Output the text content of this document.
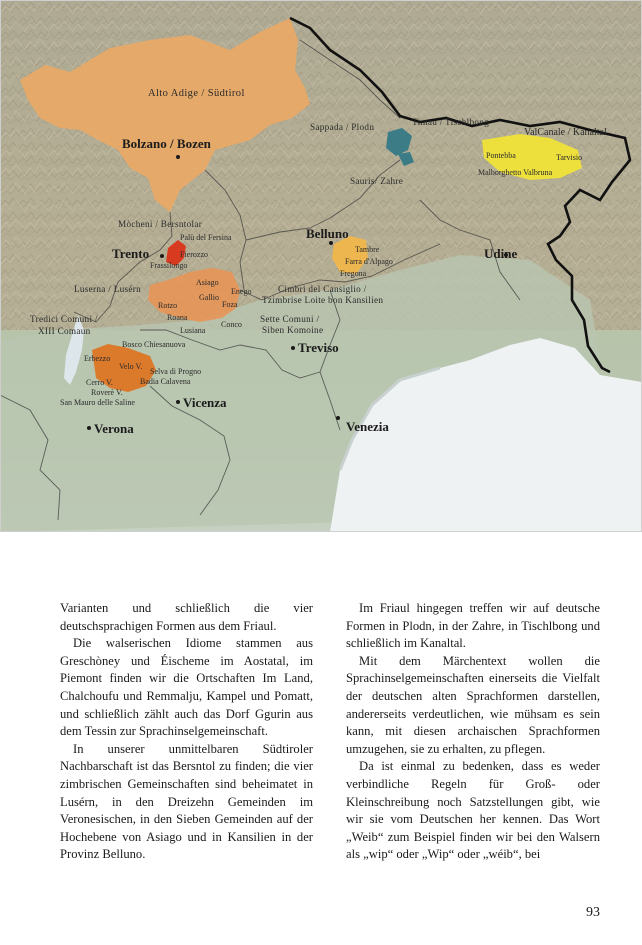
Alto Adige / Südtirol
Bolzano / Bozen
Sappada / Plodn	Timau / Tischlbong
ValCanale / Kanaltal
Pontebba	Tarvisio
Malborghetto Valbruna
Sauris/ Zahre
Mòcheni / Bersntolar
Palù del Fersina
Fierozzo
Frassilongo
Trento
Belluno
Tambre
Farra d'Alpago
Fregona
Udine
Luserna / Lusérn
Asiago
Enego
Rotzo
Gallio
Foza
Roana
Lusiana
Conco
Cimbri del Cansiglio /
Tzimbrise Loite bon Kansilien
Sette Comuni /
Siben Komoine
Tredici Comuni /
XIII Comaun
Bosco Chiesanuova
Erbezzo
Velo V.
Selva di Progno
Cerro V.	Badia Calavena
Roverè V.
San Mauro delle Saline
Treviso
Vicenza
Verona	Venezia

Varianten und schließlich die vier deutschsprachigen Formen aus dem Friaul.

Die walserischen Idiome stammen aus Greschòney und Éischeme im Aostatal, im Piemont finden wir die Ortschaften Im Land, Chalchoufu und Remmalju, Kampel und Pomatt, und schließlich zählt auch das Dorf Ggurin aus dem Tessin zur Sprachinselgemeinschaft.

In unserer unmittelbaren Südtiroler Nachbarschaft ist das Bersntol zu finden; die vier zimbrischen Gemeinschaften sind beheimatet in Lusérn, in den Dreizehn Gemeinden im Veronesischen, in den Sieben Gemeinden auf der Hochebene von Asiago und in Kansilien in der Provinz Belluno.

Im Friaul hingegen treffen wir auf deutsche Formen in Plodn, in der Zahre, in Tischlbong und schließlich im Kanaltal.

Mit dem Märchentext wollen die Sprachinselgemeinschaften einerseits die Vielfalt der deutschen alten Sprachformen darstellen, andererseits verdeutlichen, wie mühsam es sein kann, mit diesen archaischen Sprachformen umzugehen, sie zu erhalten, zu pflegen.

Da ist einmal zu bedenken, dass es weder verbindliche Regeln für Groß- oder Kleinschreibung noch Satzstellungen gibt, wie wir sie vom Deutschen her kennen. Das Wort „Weib“ zum Beispiel finden wir bei den Walsern als „wip“ oder „Wip“ oder „wéib“, bei

93
